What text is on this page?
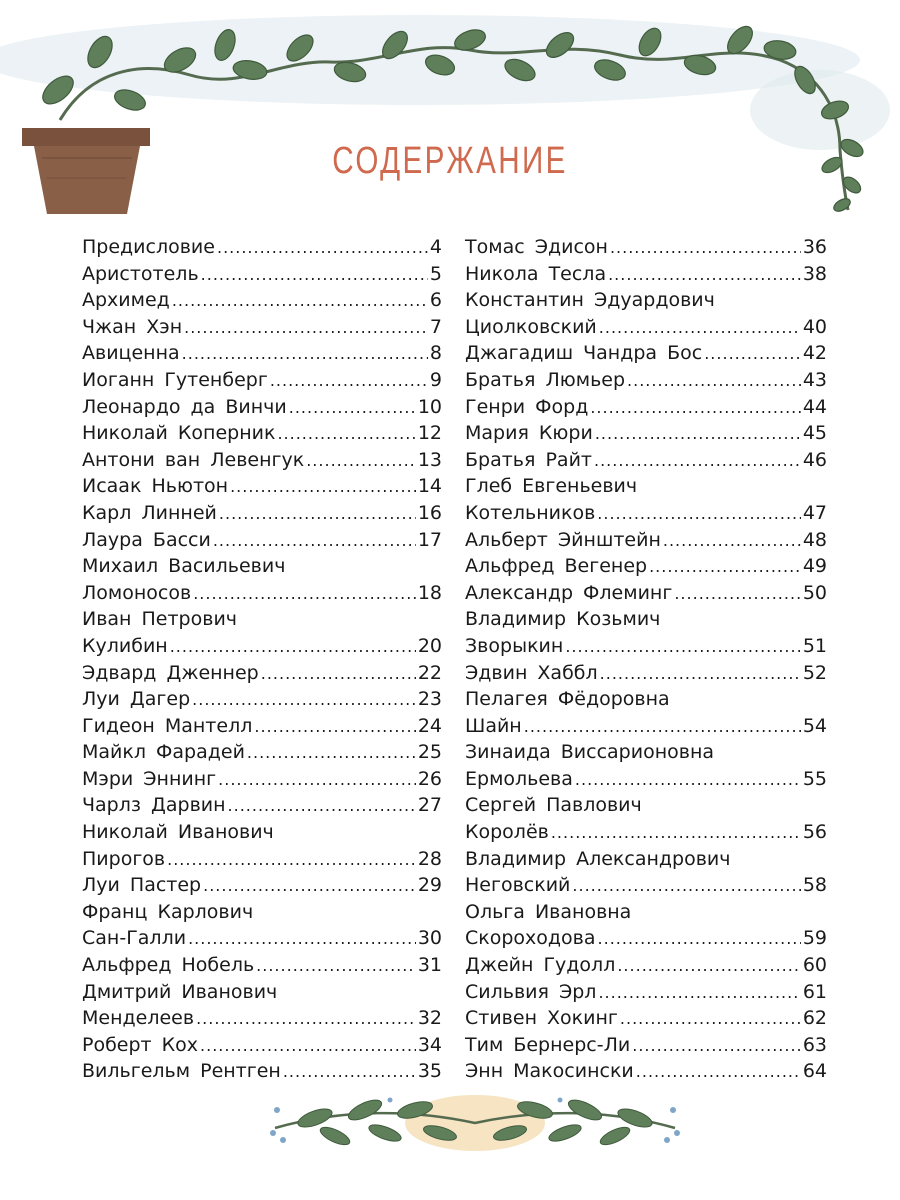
СОДЕРЖАНИЕ
Предисловие .....	4
Аристотель .....	5
Архимед .....	6
Чжан Хэн .....	7
Авиценна .....	8
Иоганн Гутенберг .....	9
Леонардо да Винчи .....	10
Николай Коперник .....	12
Антони ван Левенгук .....	13
Исаак Ньютон .....	14
Карл Линней .....	16
Лаура Басси .....	17
Михаил Васильевич
Ломоносов .....	18
Иван Петрович
Кулибин .....	20
Эдвард Дженнер .....	22
Луи Дагер .....	23
Гидеон Мантелл .....	24
Майкл Фарадей .....	25
Мэри Эннинг .....	26
Чарлз Дарвин .....	27
Николай Иванович
Пирогов .....	28
Луи Пастер .....	29
Франц Карлович
Сан-Галли .....	30
Альфред Нобель .....	31
Дмитрий Иванович
Менделеев .....	32
Роберт Кох .....	34
Вильгельм Рентген .....	35
Томас Эдисон .....	36
Никола Тесла .....	38
Константин Эдуардович
Циолковский .....	40
Джагадиш Чандра Бос .....	42
Братья Люмьер .....	43
Генри Форд .....	44
Мария Кюри .....	45
Братья Райт .....	46
Глеб Евгеньевич
Котельников .....	47
Альберт Эйнштейн .....	48
Альфред Вегенер .....	49
Александр Флеминг .....	50
Владимир Козьмич
Зворыкин .....	51
Эдвин Хаббл .....	52
Пелагея Фёдоровна
Шайн .....	54
Зинаида Виссарионовна
Ермольева .....	55
Сергей Павлович
Королёв .....	56
Владимир Александрович
Неговский .....	58
Ольга Ивановна
Скороходова .....	59
Джейн Гудолл .....	60
Сильвия Эрл .....	61
Стивен Хокинг .....	62
Тим Бернерс-Ли .....	63
Энн Макосински .....	64
